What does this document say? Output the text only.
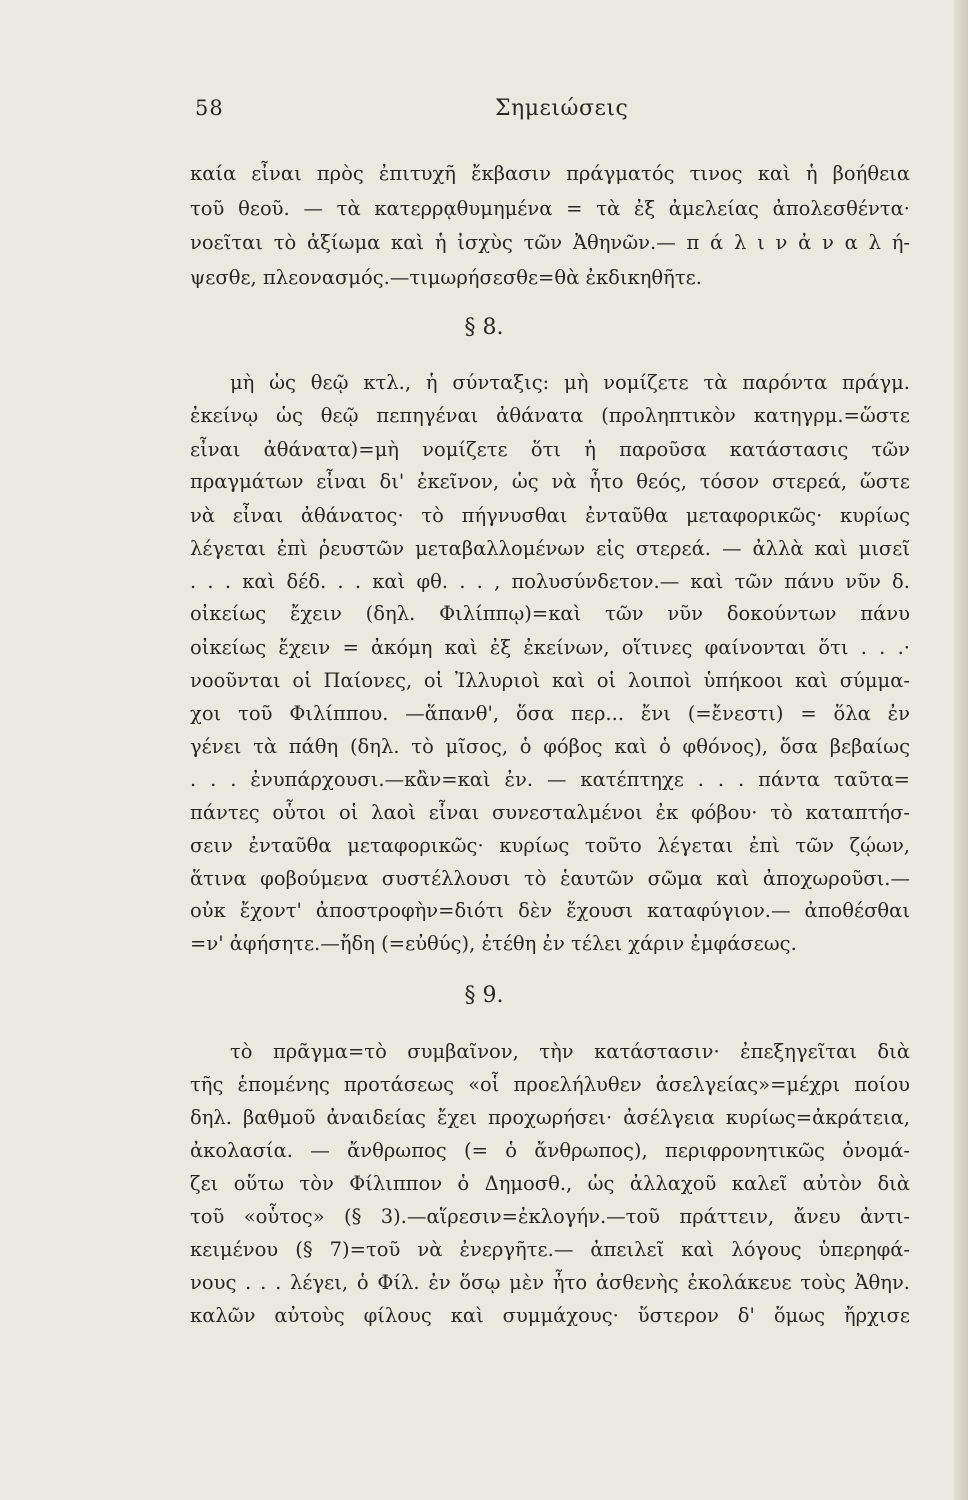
58	Σημειώσεις
καία εἶναι πρὸς ἐπιτυχῆ ἔκβασιν πράγματός τινος καὶ ἡ βοήθεια
τοῦ θεοῦ. — τὰ κατερρᾳθυμημένα = τὰ ἐξ ἀμελείας ἀπολεσθέντα·
νοεῖται τὸ ἀξίωμα καὶ ἡ ἰσχὺς τῶν Ἀθηνῶν.— π ά λ ι ν ἀ ν α λ ή-
ψεσθε, πλεονασμός.—τιμωρήσεσθε=θὰ ἐκδικηθῆτε.
§ 8.
μὴ ὡς θεῷ κτλ., ἡ σύνταξις: μὴ νομίζετε τὰ παρόντα πράγμ.
ἐκείνῳ ὡς θεῷ πεπηγέναι ἀθάνατα (προληπτικὸν κατηγρμ.=ὥστε
εἶναι ἀθάνατα)=μὴ νομίζετε ὅτι ἡ παροῦσα κατάστασις τῶν
πραγμάτων εἶναι δι' ἐκεῖνον, ὡς νὰ ἦτο θεός, τόσον στερεά, ὥστε
νὰ εἶναι ἀθάνατος· τὸ πήγνυσθαι ἐνταῦθα μεταφορικῶς· κυρίως
λέγεται ἐπὶ ῥευστῶν μεταβαλλομένων εἰς στερεά. — ἀλλὰ καὶ μισεῖ
. . . καὶ δέδ. . . καὶ φθ. . . , πολυσύνδετον.— καὶ τῶν πάνυ νῦν δ.
οἰκείως ἔχειν (δηλ. Φιλίππῳ)=καὶ τῶν νῦν δοκούντων πάνυ
οἰκείως ἔχειν = ἀκόμη καὶ ἐξ ἐκείνων, οἵτινες φαίνονται ὅτι . . .·
νοοῦνται οἱ Παίονες, οἱ Ἰλλυριοὶ καὶ οἱ λοιποὶ ὑπήκοοι καὶ σύμμα-
χοι τοῦ Φιλίππου. —ἅπανθ', ὅσα περ... ἔνι (=ἔνεστι) = ὅλα ἐν
γένει τὰ πάθη (δηλ. τὸ μῖσος, ὁ φόβος καὶ ὁ φθόνος), ὅσα βεβαίως
. . . ἐνυπάρχουσι.—κἂν=καὶ ἐν. — κατέπτηχε . . . πάντα ταῦτα=
πάντες οὗτοι οἱ λαοὶ εἶναι συνεσταλμένοι ἐκ φόβου· τὸ καταπτήσ-
σειν ἐνταῦθα μεταφορικῶς· κυρίως τοῦτο λέγεται ἐπὶ τῶν ζῴων,
ἅτινα φοβούμενα συστέλλουσι τὸ ἑαυτῶν σῶμα καὶ ἀποχωροῦσι.—
οὐκ ἔχοντ' ἀποστροφὴν=διότι δὲν ἔχουσι καταφύγιον.— ἀποθέσθαι
=ν' ἀφήσητε.—ἤδη (=εὐθύς), ἐτέθη ἐν τέλει χάριν ἐμφάσεως.
§ 9.
τὸ πρᾶγμα=τὸ συμβαῖνον, τὴν κατάστασιν· ἐπεξηγεῖται διὰ
τῆς ἑπομένης προτάσεως «οἷ προελήλυθεν ἀσελγείας»=μέχρι ποίου
δηλ. βαθμοῦ ἀναιδείας ἔχει προχωρήσει· ἀσέλγεια κυρίως=ἀκράτεια,
ἀκολασία. — ἄνθρωπος (= ὁ ἄνθρωπος), περιφρονητικῶς ὀνομά-
ζει οὕτω τὸν Φίλιππον ὁ Δημοσθ., ὡς ἀλλαχοῦ καλεῖ αὐτὸν διὰ
τοῦ «οὗτος» (§ 3).—αἵρεσιν=ἐκλογήν.—τοῦ πράττειν, ἄνευ ἀντι-
κειμένου (§ 7)=τοῦ νὰ ἐνεργῆτε.— ἀπειλεῖ καὶ λόγους ὑπερηφά-
νους . . . λέγει, ὁ Φίλ. ἐν ὅσῳ μὲν ἦτο ἀσθενὴς ἐκολάκευε τοὺς Ἀθην.
καλῶν αὐτοὺς φίλους καὶ συμμάχους· ὕστερον δ' ὅμως ἤρχισε
